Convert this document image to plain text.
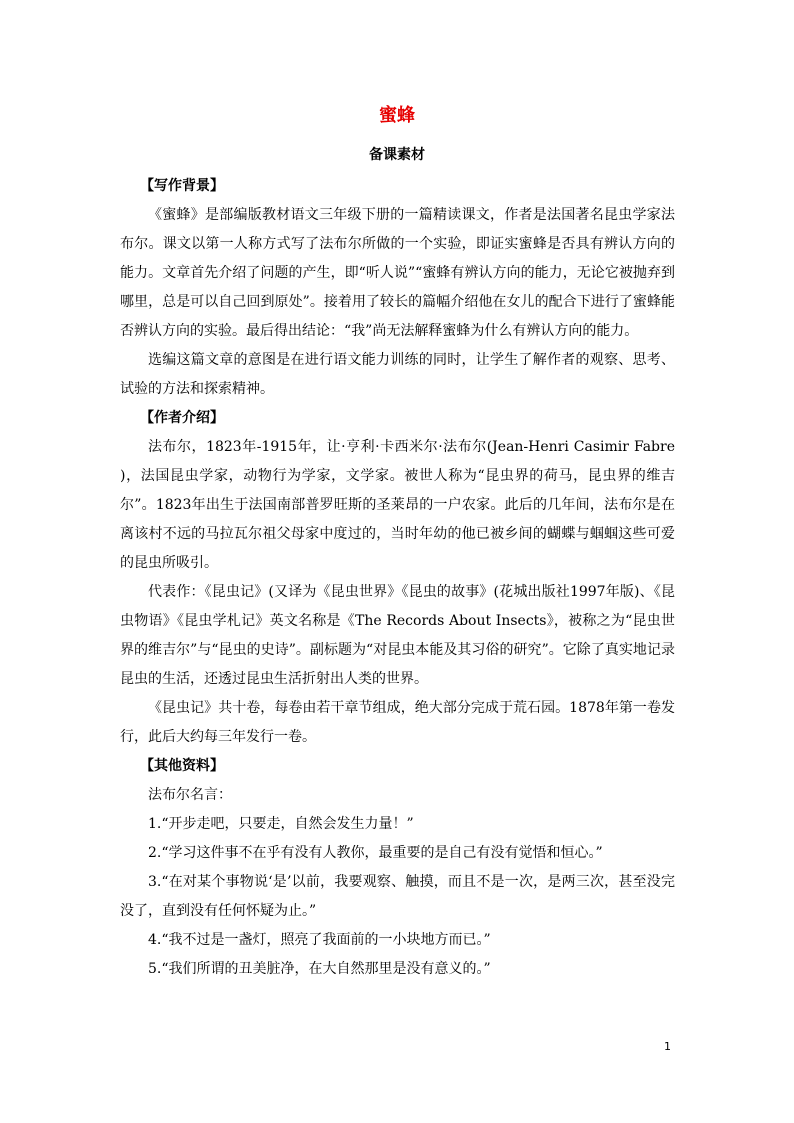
蜜蜂
备课素材

【写作背景】

《蜜蜂》是部编版教材语文三年级下册的一篇精读课文，作者是法国著名昆虫学家法布尔。课文以第一人称方式写了法布尔所做的一个实验，即证实蜜蜂是否具有辨认方向的能力。文章首先介绍了问题的产生，即“听人说”“蜜蜂有辨认方向的能力，无论它被抛弃到哪里，总是可以自己回到原处”。接着用了较长的篇幅介绍他在女儿的配合下进行了蜜蜂能否辨认方向的实验。最后得出结论：“我”尚无法解释蜜蜂为什么有辨认方向的能力。

选编这篇文章的意图是在进行语文能力训练的同时，让学生了解作者的观察、思考、试验的方法和探索精神。

【作者介绍】

法布尔，1823年-1915年，让·亨利·卡西米尔·法布尔(Jean-Henri Casimir Fabre )，法国昆虫学家，动物行为学家，文学家。被世人称为“昆虫界的荷马，昆虫界的维吉尔”。1823年出生于法国南部普罗旺斯的圣莱昂的一户农家。此后的几年间，法布尔是在离该村不远的马拉瓦尔祖父母家中度过的，当时年幼的他已被乡间的蝴蝶与蝈蝈这些可爱的昆虫所吸引。

代表作：《昆虫记》(又译为《昆虫世界》《昆虫的故事》(花城出版社1997年版)、《昆虫物语》《昆虫学札记》英文名称是《The Records About Insects》，被称之为“昆虫世界的维吉尔”与“昆虫的史诗”。副标题为“对昆虫本能及其习俗的研究”。它除了真实地记录昆虫的生活，还透过昆虫生活折射出人类的世界。

《昆虫记》共十卷，每卷由若干章节组成，绝大部分完成于荒石园。1878年第一卷发行，此后大约每三年发行一卷。

【其他资料】

法布尔名言：

1.“开步走吧，只要走，自然会发生力量！”

2.“学习这件事不在乎有没有人教你，最重要的是自己有没有觉悟和恒心。”

3.“在对某个事物说‘是’以前，我要观察、触摸，而且不是一次，是两三次，甚至没完没了，直到没有任何怀疑为止。”

4.“我不过是一盏灯，照亮了我面前的一小块地方而已。”

5.“我们所谓的丑美脏净，在大自然那里是没有意义的。”

1
